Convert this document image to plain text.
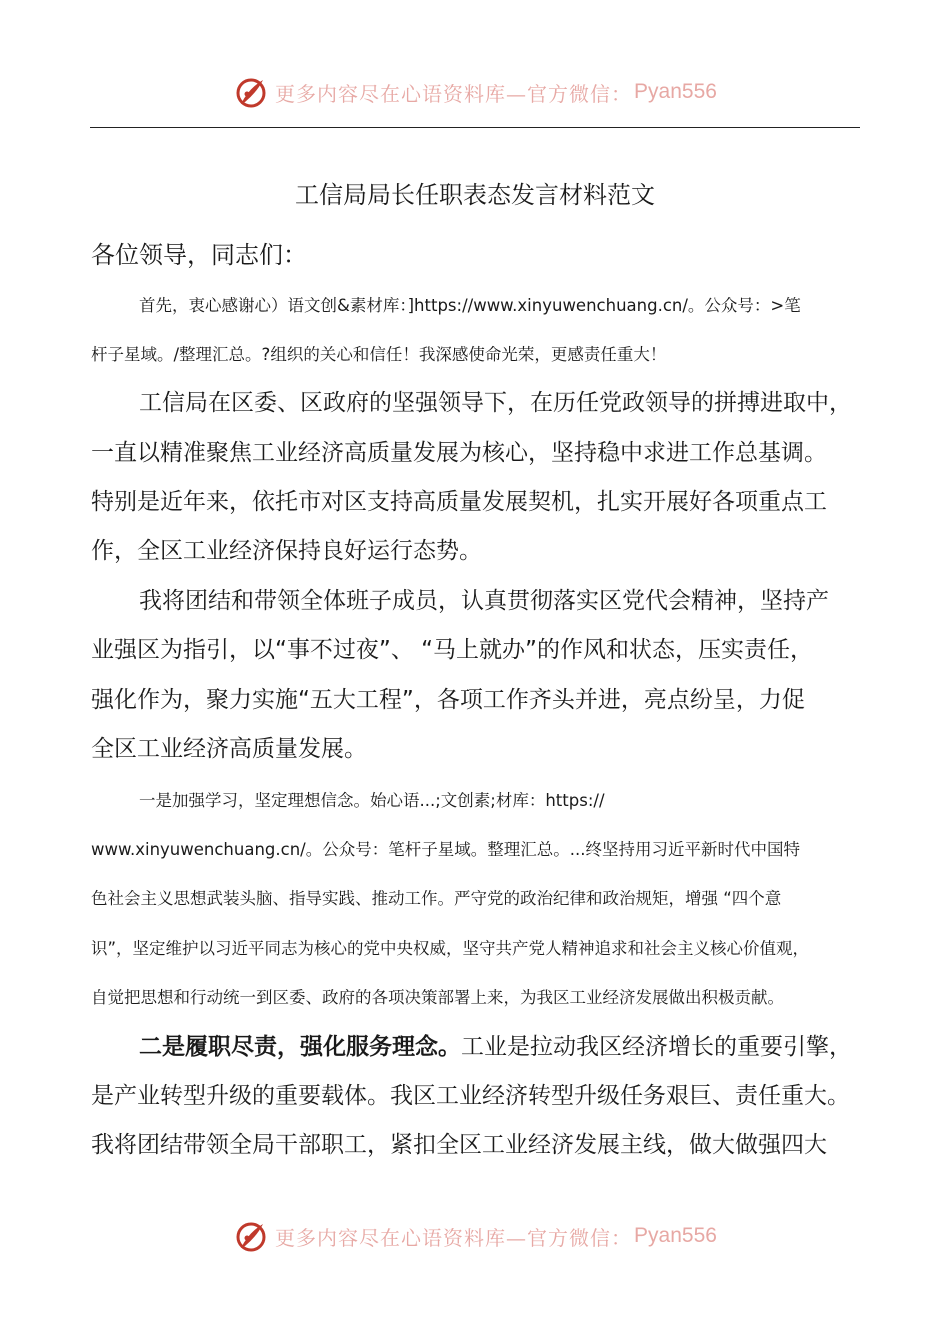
更多内容尽在心语资料库—官方微信： Pyan556
工信局局长任职表态发言材料范文
各位领导，同志们：
首先，衷心感谢心）语文创&素材库：]https://www.xinyuwenchuang.cn/。公众号：>笔
杆子星域。/整理汇总。?组织的关心和信任！我深感使命光荣，更感责任重大！
工信局在区委、区政府的坚强领导下，在历任党政领导的拼搏进取中，
一直以精准聚焦工业经济高质量发展为核心，坚持稳中求进工作总基调。
特别是近年来，依托市对区支持高质量发展契机，扎实开展好各项重点工
作，全区工业经济保持良好运行态势。
我将团结和带领全体班子成员，认真贯彻落实区党代会精神，坚持产
业强区为指引，以“事不过夜”、 “马上就办”的作风和状态，压实责任，
强化作为，聚力实施“五大工程”，各项工作齐头并进，亮点纷呈，力促
全区工业经济高质量发展。
一是加强学习，坚定理想信念。始心语...;文创素;材库：https://
www.xinyuwenchuang.cn/。公众号：笔杆子星域。整理汇总。...终坚持用习近平新时代中国特
色社会主义思想武装头脑、指导实践、推动工作。严守党的政治纪律和政治规矩，增强 “四个意
识”，坚定维护以习近平同志为核心的党中央权威，坚守共产党人精神追求和社会主义核心价值观，
自觉把思想和行动统一到区委、政府的各项决策部署上来，为我区工业经济发展做出积极贡献。
二是履职尽责，强化服务理念。工业是拉动我区经济增长的重要引擎，
是产业转型升级的重要载体。我区工业经济转型升级任务艰巨、责任重大。
我将团结带领全局干部职工，紧扣全区工业经济发展主线，做大做强四大
更多内容尽在心语资料库—官方微信： Pyan556
